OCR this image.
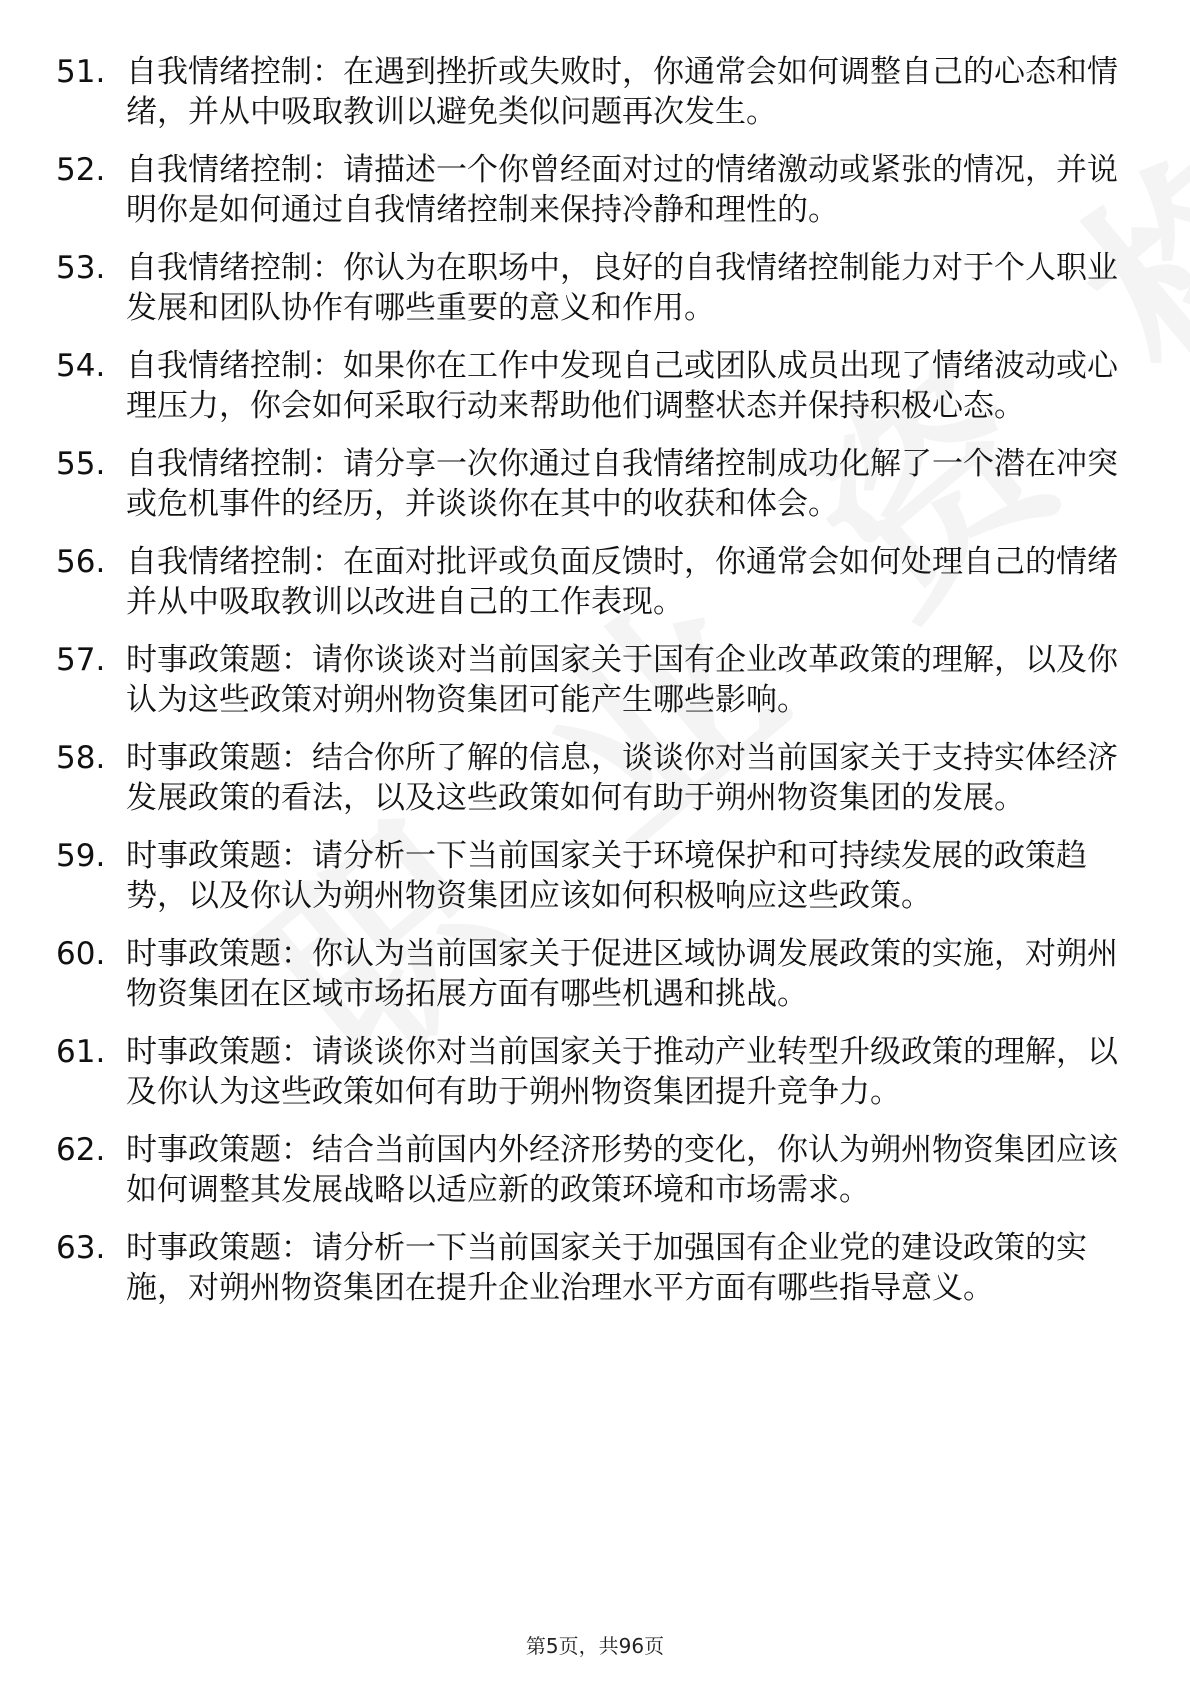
51. 自我情绪控制：在遇到挫折或失败时，你通常会如何调整自己的心态和情绪，并从中吸取教训以避免类似问题再次发生。
52. 自我情绪控制：请描述一个你曾经面对过的情绪激动或紧张的情况，并说明你是如何通过自我情绪控制来保持冷静和理性的。
53. 自我情绪控制：你认为在职场中，良好的自我情绪控制能力对于个人职业发展和团队协作有哪些重要的意义和作用。
54. 自我情绪控制：如果你在工作中发现自己或团队成员出现了情绪波动或心理压力，你会如何采取行动来帮助他们调整状态并保持积极心态。
55. 自我情绪控制：请分享一次你通过自我情绪控制成功化解了一个潜在冲突或危机事件的经历，并谈谈你在其中的收获和体会。
56. 自我情绪控制：在面对批评或负面反馈时，你通常会如何处理自己的情绪并从中吸取教训以改进自己的工作表现。
57. 时事政策题：请你谈谈对当前国家关于国有企业改革政策的理解，以及你认为这些政策对朔州物资集团可能产生哪些影响。
58. 时事政策题：结合你所了解的信息，谈谈你对当前国家关于支持实体经济发展政策的看法，以及这些政策如何有助于朔州物资集团的发展。
59. 时事政策题：请分析一下当前国家关于环境保护和可持续发展的政策趋势，以及你认为朔州物资集团应该如何积极响应这些政策。
60. 时事政策题：你认为当前国家关于促进区域协调发展政策的实施，对朔州物资集团在区域市场拓展方面有哪些机遇和挑战。
61. 时事政策题：请谈谈你对当前国家关于推动产业转型升级政策的理解，以及你认为这些政策如何有助于朔州物资集团提升竞争力。
62. 时事政策题：结合当前国内外经济形势的变化，你认为朔州物资集团应该如何调整其发展战略以适应新的政策环境和市场需求。
63. 时事政策题：请分析一下当前国家关于加强国有企业党的建设政策的实施，对朔州物资集团在提升企业治理水平方面有哪些指导意义。
第5页，共96页
